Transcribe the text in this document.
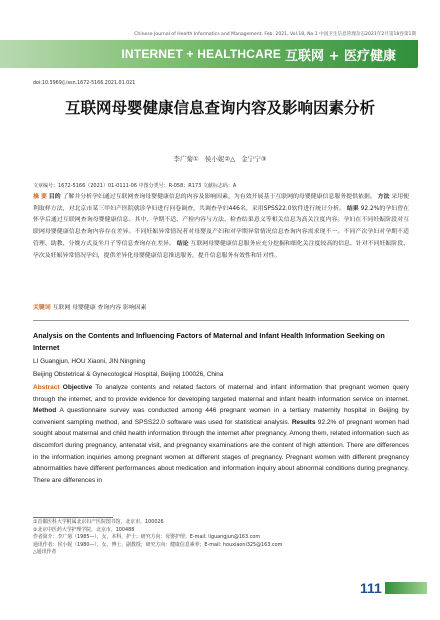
Chinese Journal of Health Informatics and Management, Feb. 2021, Vol.18, No.1 中国卫生信息管理杂志2021年2月第18卷第1期
INTERNET + HEALTHCARE 互联网 + 医疗健康
doi:10.3969/j.issn.1672-5166.2021.01.021
互联网母婴健康信息查询内容及影响因素分析
李广菊① 侯小妮②△ 金宁宁③
文章编号：1672-5166（2021）01-0111-06 中图分类号：R-058；R173 文献标志码：A
摘 要 目的 了解并分析孕妇通过互联网查询母婴健康信息的内容及影响因素，为有效开展基于互联网的母婴健康信息服务提供依据。 方法 采用便利取样方法，对北京市某三甲妇产医院就诊孕妇进行问卷调查，共调查孕妇446名，采用SPSS22.0软件进行统计分析。 结果 92.2%的孕妇曾在怀孕后通过互联网查询母婴健康信息。其中，孕期不适、产检内容与方法、检查结果意义等相关信息为高关注度内容。孕妇在不同妊娠阶段对互联网母婴健康信息查询内容存在差异。不同妊娠异常情况者对母婴及产妇和对孕期异常情况信息查询内容需求现不一。不同产次孕妇对孕期不适管理、助教、分娩方式及坐月子等信息查询存在差异。 结论 互联网母婴健康信息服务应充分挖掘和细化关注度较高的信息，针对不同妊娠阶段、孕次及妊娠异常情况孕妇，提供差异化母婴健康信息推送服务，提升信息服务有效性和针对性。
关键词 互联网 母婴健康 查询内容 影响因素
Analysis on the Contents and Influencing Factors of Maternal and Infant Health Information Seeking on Internet
LI Guangjun, HOU Xiaoni, JIN Ningning
Beijing Obstetrical & Gynecological Hospital, Beijing 100026, China
Abstract Objective To analyze contents and related factors of maternal and infant information that pregnant women query through the internet, and to provide evidence for developing targeted maternal and infant health information service on internet. Method A questionnaire survey was conducted among 446 pregnant women in a tertiary maternity hospital in Beijing by convenient sampling method, and SPSS22.0 software was used for statistical analysis. Results 92.2% of pregnant women had sought about maternal and child health information through the internet after pregnancy. Among them, related information such as discomfort during pregnancy, antenatal visit, and pregnancy examinations are the content of high attention. There are differences in the information inquiries among pregnant women at different stages of pregnancy. Pregnant women with different pregnancy abnormalities have different performances about medication and information inquiry about abnormal conditions during pregnancy. There are differences in
①首都医科大学附属北京妇产医院图书馆，北京市，100026
②北京中医药大学护理学院，北京市，100488
作者简介：李广菊（1985—），女，本科，护士；研究方向：母婴护理；E-mail: liguangjun@163.com
通讯作者：侯小妮（1980—），女，博士，副教授；研究方向：健康信息素养；E-mail: houxiaoni325@163.com
△通讯作者
111
